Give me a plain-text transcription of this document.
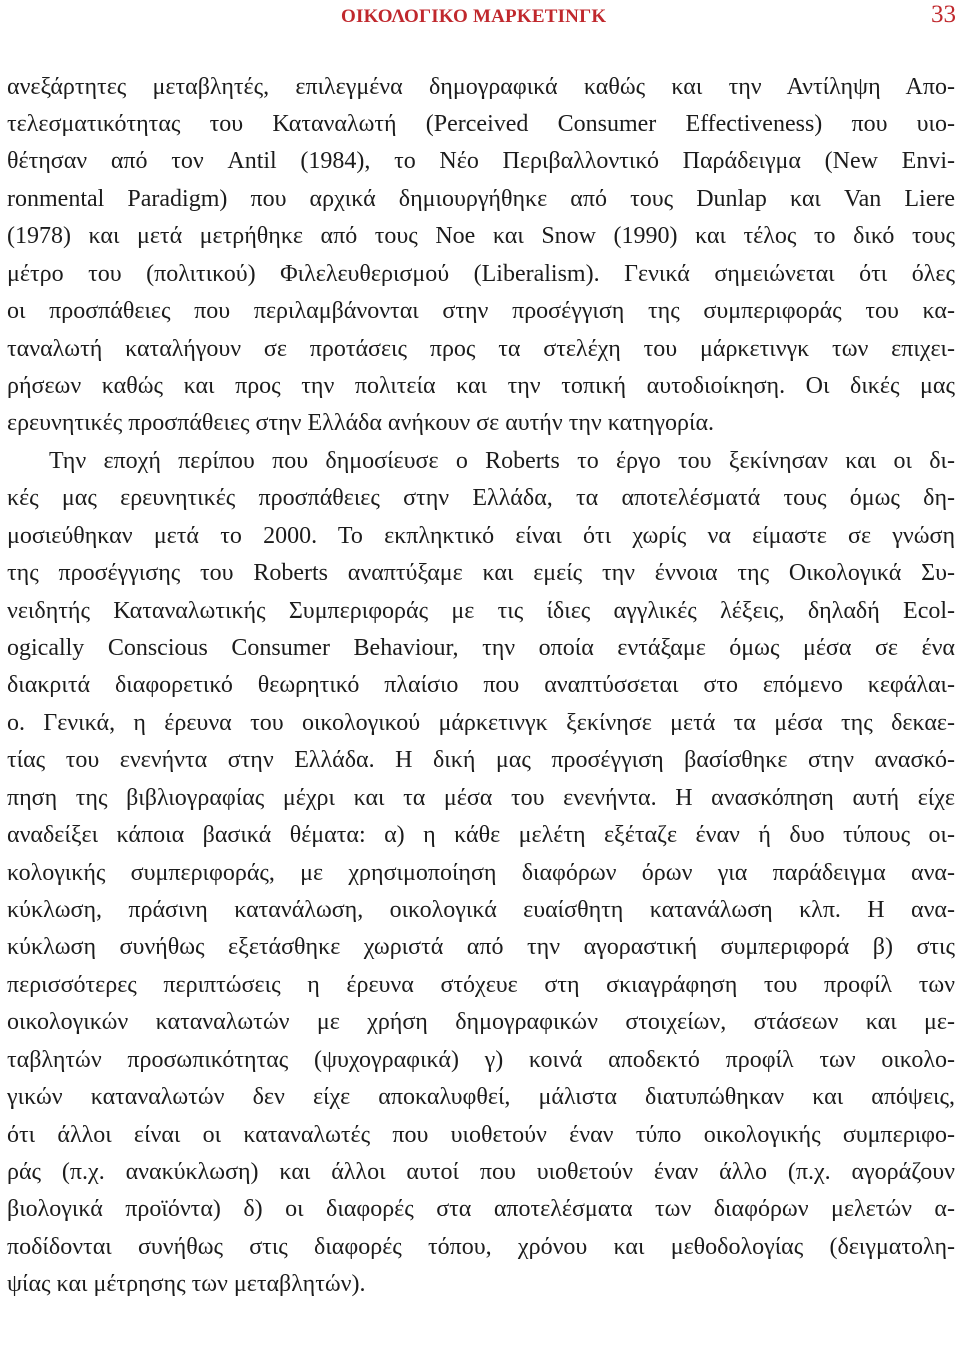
ΟΙΚΟΛΟΓΙΚΟ ΜΑΡΚΕΤΙΝΓΚ	33
ανεξάρτητες μεταβλητές, επιλεγμένα δημογραφικά καθώς και την Αντίληψη Απο-
τελεσματικότητας του Καταναλωτή (Perceived Consumer Effectiveness) που υιο-
θέτησαν από τον Antil (1984), το Νέο Περιβαλλοντικό Παράδειγμα (New Envi-
ronmental Paradigm) που αρχικά δημιουργήθηκε από τους Dunlap και Van Liere
(1978) και μετά μετρήθηκε από τους Noe και Snow (1990) και τέλος το δικό τους
μέτρο του (πολιτικού) Φιλελευθερισμού (Liberalism). Γενικά σημειώνεται ότι όλες
οι προσπάθειες που περιλαμβάνονται στην προσέγγιση της συμπεριφοράς του κα-
ταναλωτή καταλήγουν σε προτάσεις προς τα στελέχη του μάρκετινγκ των επιχει-
ρήσεων καθώς και προς την πολιτεία και την τοπική αυτοδιοίκηση. Οι δικές μας
ερευνητικές προσπάθειες στην Ελλάδα ανήκουν σε αυτήν την κατηγορία.
Την εποχή περίπου που δημοσίευσε ο Roberts το έργο του ξεκίνησαν και οι δι-
κές μας ερευνητικές προσπάθειες στην Ελλάδα, τα αποτελέσματά τους όμως δη-
μοσιεύθηκαν μετά το 2000. Το εκπληκτικό είναι ότι χωρίς να είμαστε σε γνώση
της προσέγγισης του Roberts αναπτύξαμε και εμείς την έννοια της Οικολογικά Συ-
νειδητής Καταναλωτικής Συμπεριφοράς με τις ίδιες αγγλικές λέξεις, δηλαδή Ecol-
ogically Conscious Consumer Behaviour, την οποία εντάξαμε όμως μέσα σε ένα
διακριτά διαφορετικό θεωρητικό πλαίσιο που αναπτύσσεται στο επόμενο κεφάλαι-
ο. Γενικά, η έρευνα του οικολογικού μάρκετινγκ ξεκίνησε μετά τα μέσα της δεκαε-
τίας του ενενήντα στην Ελλάδα. Η δική μας προσέγγιση βασίσθηκε στην ανασκό-
πηση της βιβλιογραφίας μέχρι και τα μέσα του ενενήντα. Η ανασκόπηση αυτή είχε
αναδείξει κάποια βασικά θέματα: α) η κάθε μελέτη εξέταζε έναν ή δυο τύπους οι-
κολογικής συμπεριφοράς, με χρησιμοποίηση διαφόρων όρων για παράδειγμα ανα-
κύκλωση, πράσινη κατανάλωση, οικολογικά ευαίσθητη κατανάλωση κλπ. Η ανα-
κύκλωση συνήθως εξετάσθηκε χωριστά από την αγοραστική συμπεριφορά β) στις
περισσότερες περιπτώσεις η έρευνα στόχευε στη σκιαγράφηση του προφίλ των
οικολογικών καταναλωτών με χρήση δημογραφικών στοιχείων, στάσεων και με-
ταβλητών προσωπικότητας (ψυχογραφικά) γ) κοινά αποδεκτό προφίλ των οικολο-
γικών καταναλωτών δεν είχε αποκαλυφθεί, μάλιστα διατυπώθηκαν και απόψεις,
ότι άλλοι είναι οι καταναλωτές που υιοθετούν έναν τύπο οικολογικής συμπεριφο-
ράς (π.χ. ανακύκλωση) και άλλοι αυτοί που υιοθετούν έναν άλλο (π.χ. αγοράζουν
βιολογικά προϊόντα) δ) οι διαφορές στα αποτελέσματα των διαφόρων μελετών α-
ποδίδονται συνήθως στις διαφορές τόπου, χρόνου και μεθοδολογίας (δειγματολη-
ψίας και μέτρησης των μεταβλητών).
